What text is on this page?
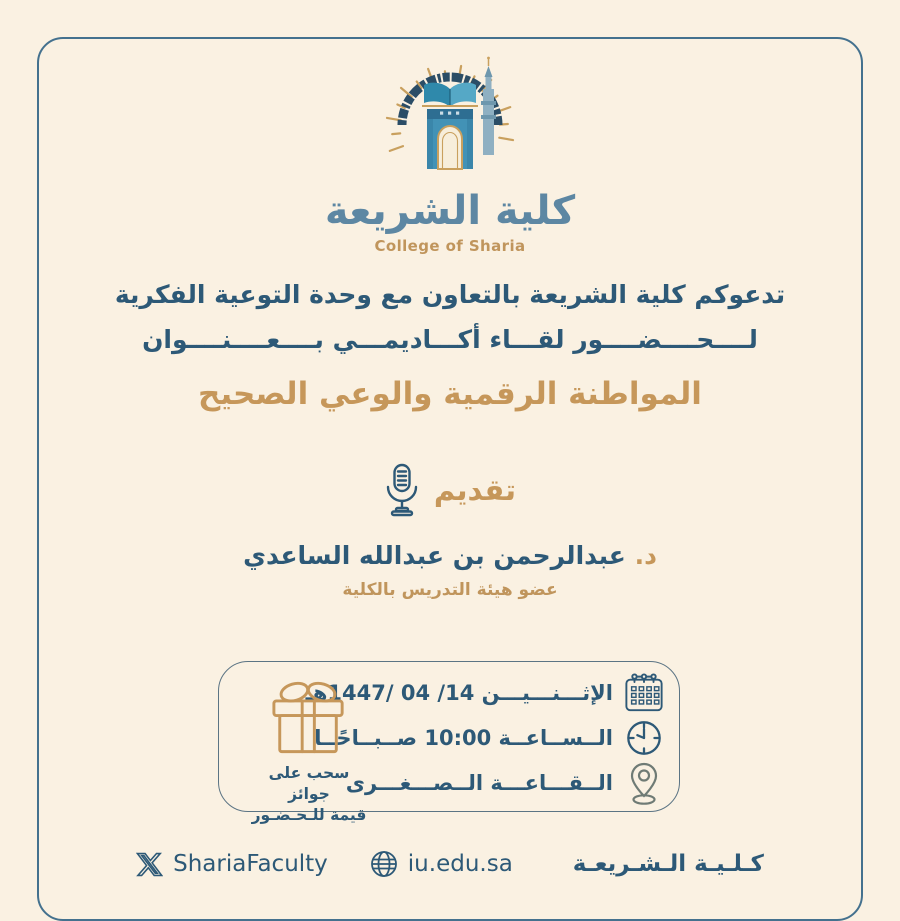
كلية الشريعة
College of Sharia
تدعوكم كلية الشريعة بالتعاون مع وحدة التوعية الفكرية
لــــحــــضــــور لقـــاء أكـــاديمـــي بــــعــــنــــوان
المواطنة الرقمية والوعي الصحيح
تقديم
د. عبدالرحمن بن عبدالله الساعدي
عضو هيئة التدريس بالكلية
الإثـــنـــيـــن 14/ 04 /1447هـ
الــســاعــة 10:00 صــبــاحًــا
الــقـــاعـــة الــصـــغـــرى
سحب على جوائز
قيمة للـحـضـور
ShariaFaculty	iu.edu.sa	كـلـيـة الـشـريعـة
